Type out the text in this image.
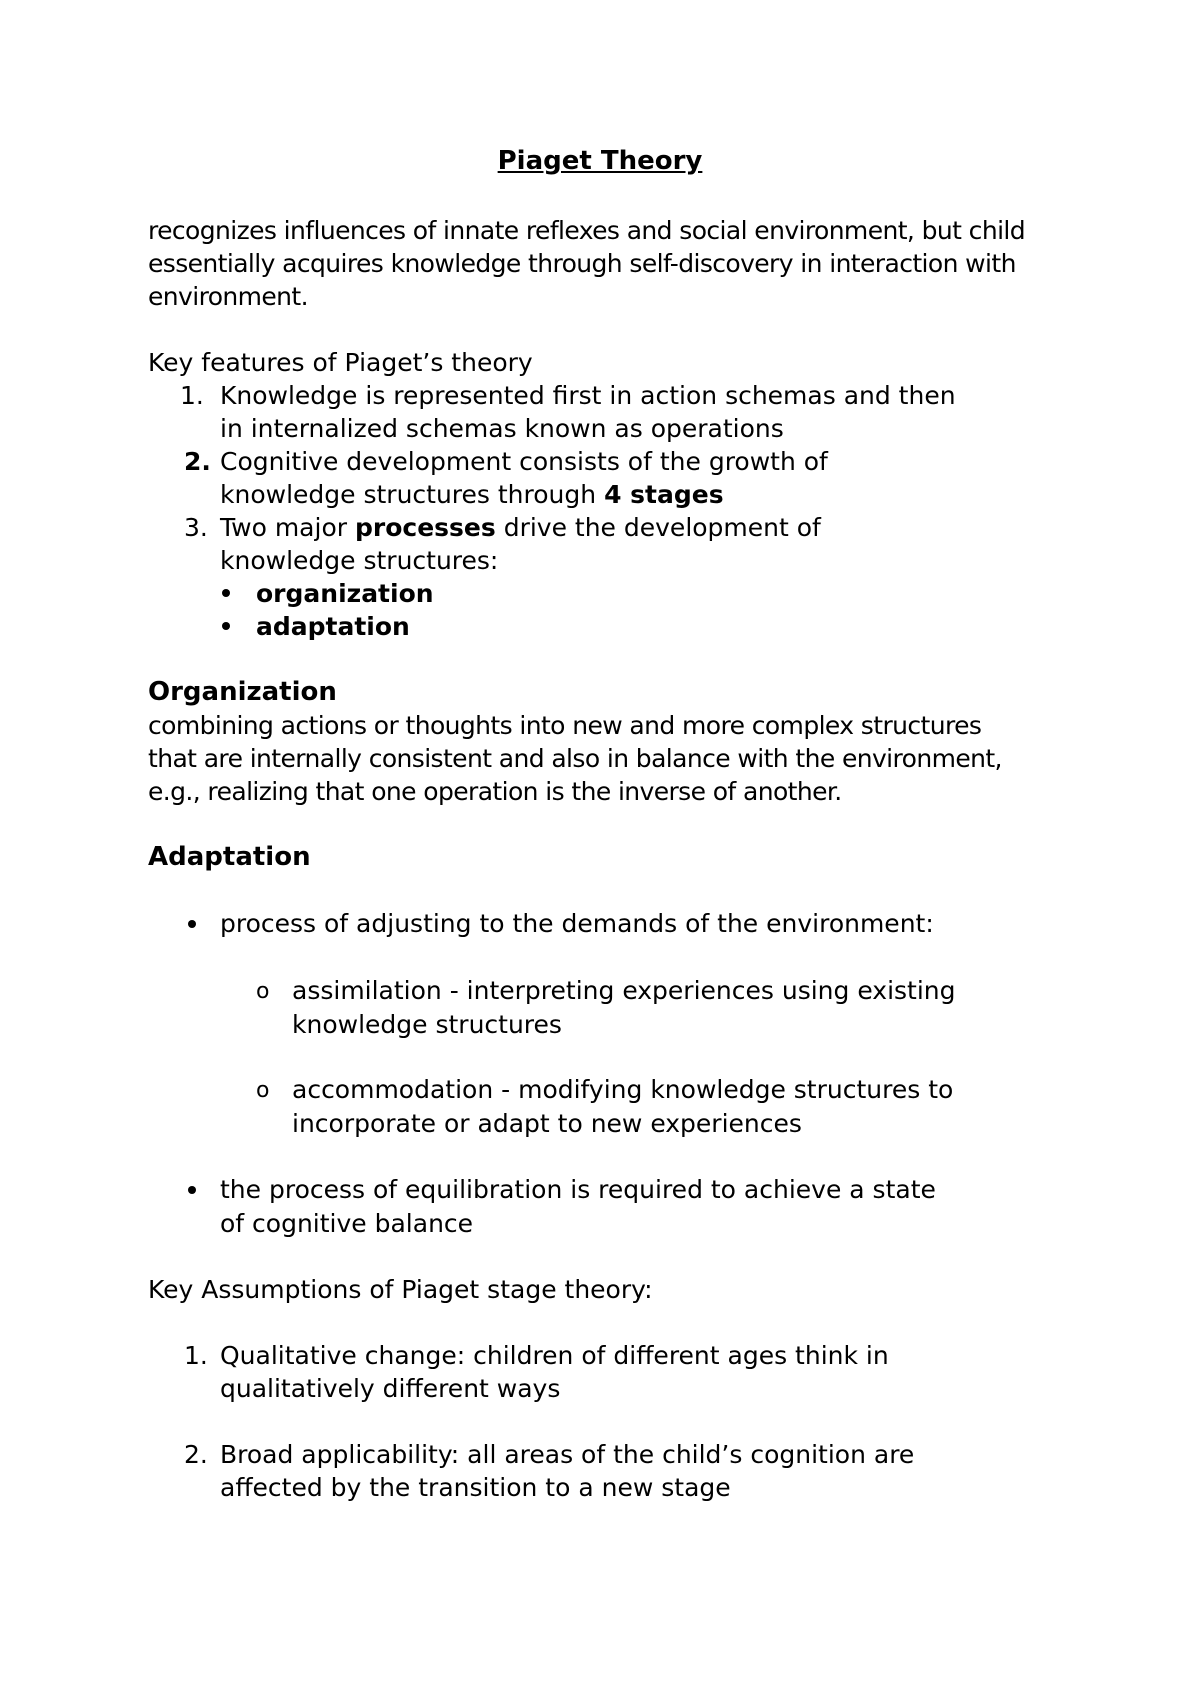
Piaget Theory
recognizes influences of innate reflexes and social environment, but child
essentially acquires knowledge through self-discovery in interaction with
environment.
Key features of Piaget’s theory
1. Knowledge is represented first in action schemas and then
in internalized schemas known as operations
2. Cognitive development consists of the growth of
knowledge structures through 4 stages
3. Two major processes drive the development of
knowledge structures:
organization
adaptation
Organization
combining actions or thoughts into new and more complex structures
that are internally consistent and also in balance with the environment,
e.g., realizing that one operation is the inverse of another.
Adaptation
process of adjusting to the demands of the environment:
o assimilation - interpreting experiences using existing
knowledge structures
o accommodation - modifying knowledge structures to
incorporate or adapt to new experiences
the process of equilibration is required to achieve a state
of cognitive balance
Key Assumptions of Piaget stage theory:
1. Qualitative change: children of different ages think in
qualitatively different ways
2. Broad applicability: all areas of the child’s cognition are
affected by the transition to a new stage
